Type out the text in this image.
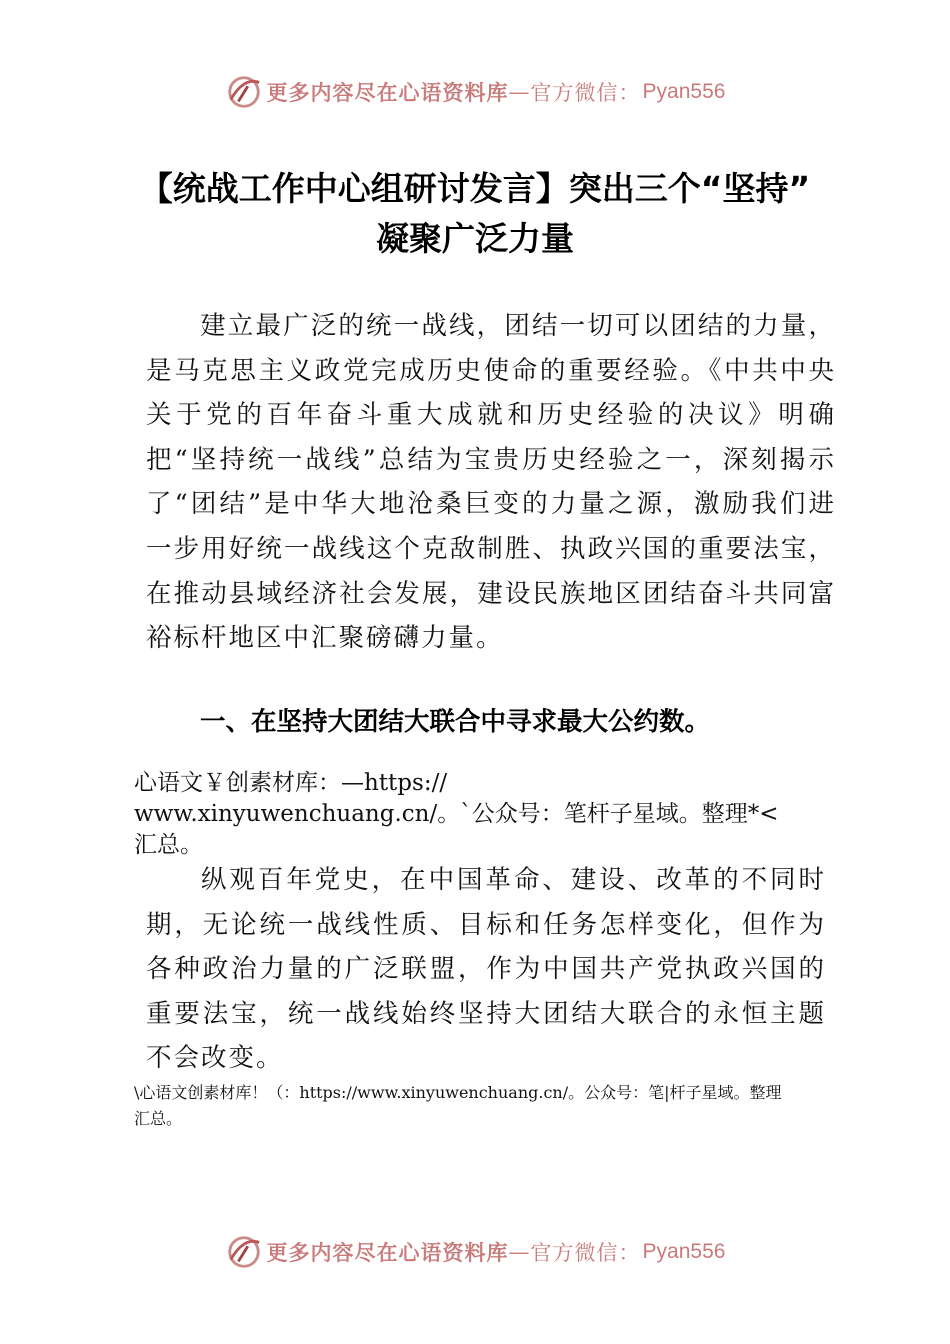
更多内容尽在心语资料库 — 官方微信： Pyan556
【统战工作中心组研讨发言】突出三个“坚持” 凝聚广泛力量
建立最广泛的统一战线，团结一切可以团结的力量，是马克思主义政党完成历史使命的重要经验。《中共中央关于党的百年奋斗重大成就和历史经验的决议》明确把“坚持统一战线”总结为宝贵历史经验之一，深刻揭示了“团结”是中华大地沧桑巨变的力量之源，激励我们进一步用好统一战线这个克敌制胜、执政兴国的重要法宝，在推动县域经济社会发展，建设民族地区团结奋斗共同富裕标杆地区中汇聚磅礴力量。
一、在坚持大团结大联合中寻求最大公约数。
心语文￥创素材库：—https://
www.xinyuwenchuang.cn/。`公众号：笔杆子星域。整理*<
汇总。
纵观百年党史，在中国革命、建设、改革的不同时期，无论统一战线性质、目标和任务怎样变化，但作为各种政治力量的广泛联盟，作为中国共产党执政兴国的重要法宝，统一战线始终坚持大团结大联合的永恒主题不会改变。
\心语文创素材库！（：https://www.xinyuwenchuang.cn/。公众号：笔|杆子星域。整理
汇总。
更多内容尽在心语资料库 — 官方微信： Pyan556
